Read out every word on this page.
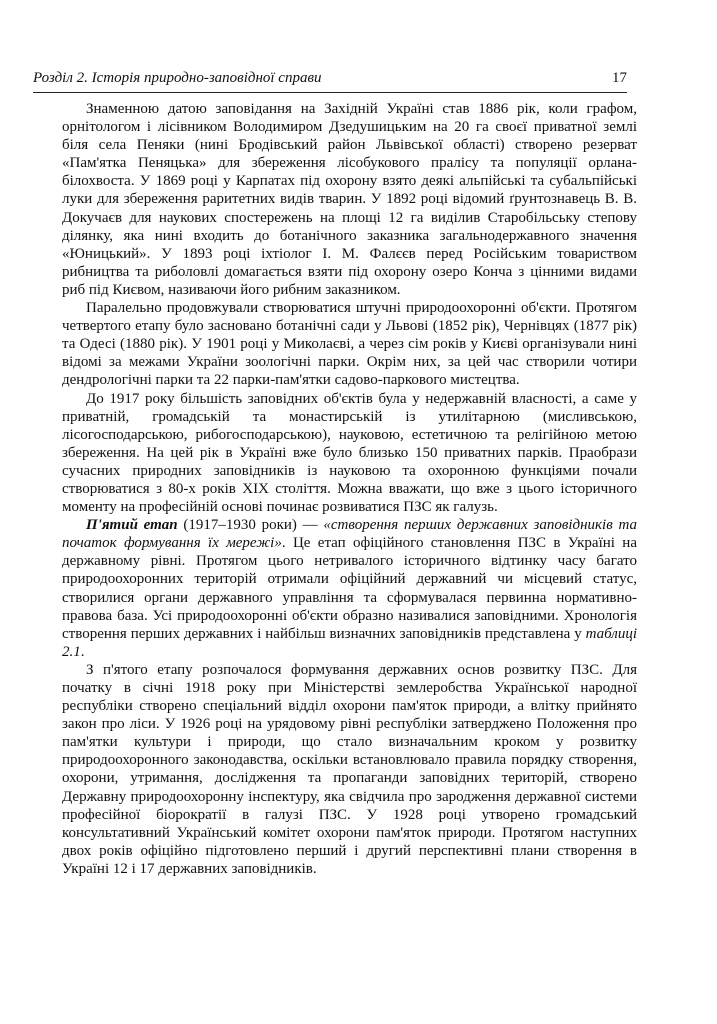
Розділ 2. Історія природно-заповідної справи	17

Знаменною датою заповідання на Західній Україні став 1886 рік, коли графом, орнітологом і лісівником Володимиром Дзедушицьким на 20 га своєї приватної землі біля села Пеняки (нині Бродівський район Львівської області) створено резерват «Пам'ятка Пеняцька» для збереження лісобукового пралісу та популяції орлана-білохвоста. У 1869 році у Карпатах під охорону взято деякі альпійські та субальпійські луки для збереження раритетних видів тварин. У 1892 році відомий ґрунтознавець В. В. Докучаєв для наукових спостережень на площі 12 га виділив Старобільську степову ділянку, яка нині входить до ботанічного заказника загальнодержавного значення «Юницький». У 1893 році іхтіолог І. М. Фалєєв перед Російським товариством рибництва та риболовлі домагається взяти під охорону озеро Конча з цінними видами риб під Києвом, називаючи його рибним заказником.

Паралельно продовжували створюватися штучні природоохоронні об'єкти. Протягом четвертого етапу було засновано ботанічні сади у Львові (1852 рік), Чернівцях (1877 рік) та Одесі (1880 рік). У 1901 році у Миколаєві, а через сім років у Києві організували нині відомі за межами України зоологічні парки. Окрім них, за цей час створили чотири дендрологічні парки та 22 парки-пам'ятки садово-паркового мистецтва.

До 1917 року більшість заповідних об'єктів була у недержавній власності, а саме у приватній, громадській та монастирській із утилітарною (мисливською, лісогосподарською, рибогосподарською), науковою, естетичною та релігійною метою збереження. На цей рік в Україні вже було близько 150 приватних парків. Праобрази сучасних природних заповідників із науковою та охоронною функціями почали створюватися з 80-х років XIX століття. Можна вважати, що вже з цього історичного моменту на професійній основі починає розвиватися ПЗС як галузь.

П'ятий етап (1917–1930 роки) — «створення перших державних заповідників та початок формування їх мережі». Це етап офіційного становлення ПЗС в Україні на державному рівні. Протягом цього нетривалого історичного відтинку часу багато природоохоронних територій отримали офіційний державний чи місцевий статус, створилися органи державного управління та сформувалася первинна нормативно-правова база. Усі природоохоронні об'єкти образно називалися заповідними. Хронологія створення перших державних і найбільш визначних заповідників представлена у таблиці 2.1.

З п'ятого етапу розпочалося формування державних основ розвитку ПЗС. Для початку в січні 1918 року при Міністерстві землеробства Української народної республіки створено спеціальний відділ охорони пам'яток природи, а влітку прийнято закон про ліси. У 1926 році на урядовому рівні республіки затверджено Положення про пам'ятки культури і природи, що стало визначальним кроком у розвитку природоохоронного законодавства, оскільки встановлювало правила порядку створення, охорони, утримання, дослідження та пропаганди заповідних територій, створено Державну природоохоронну інспектуру, яка свідчила про зародження державної системи професійної біорократії в галузі ПЗС. У 1928 році утворено громадський консультативний Український комітет охорони пам'яток природи. Протягом наступних двох років офіційно підготовлено перший і другий перспективні плани створення в Україні 12 і 17 державних заповідників.
